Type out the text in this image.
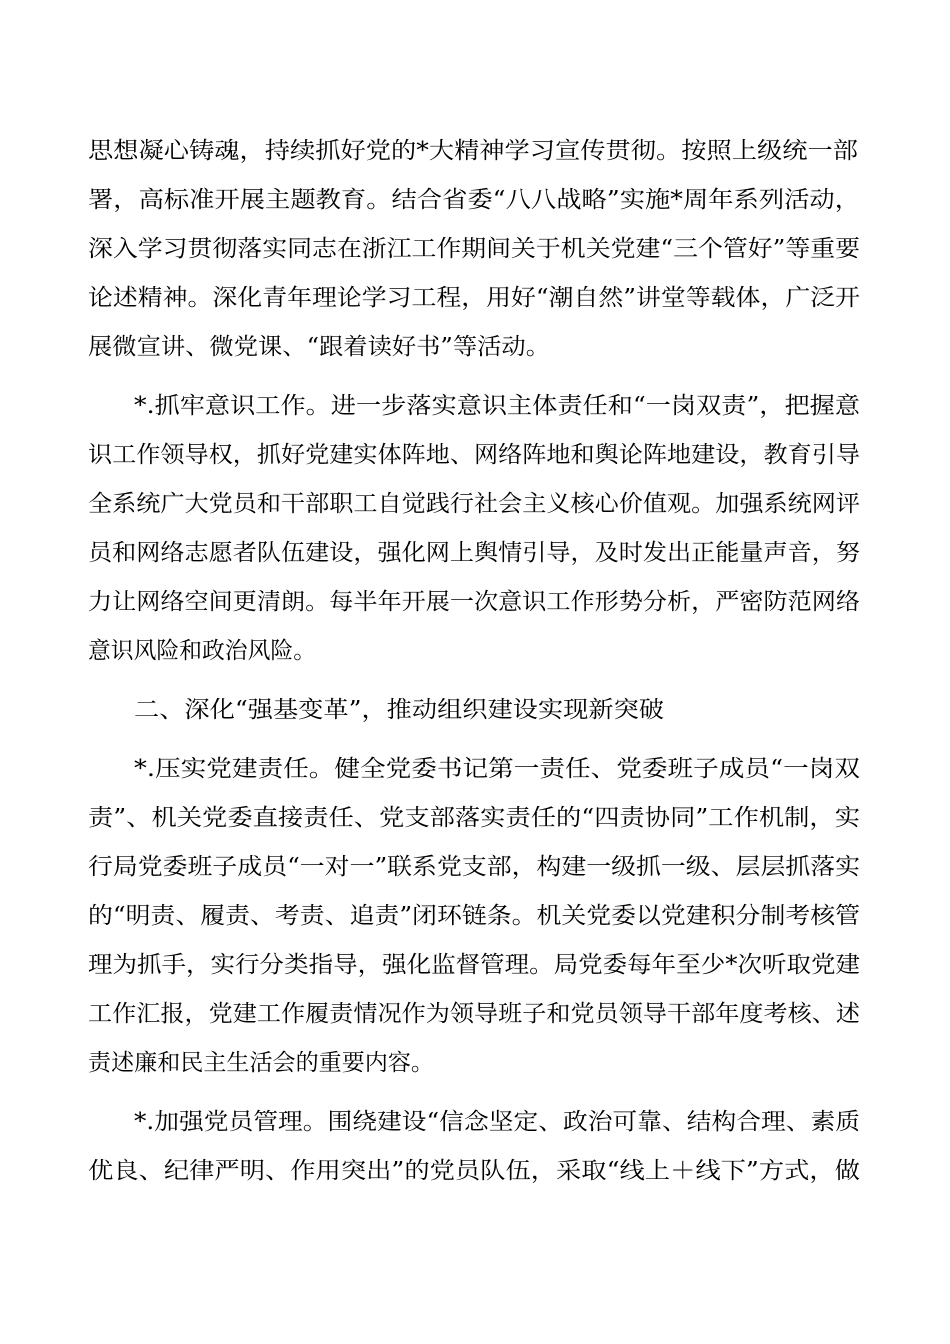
思想凝心铸魂，持续抓好党的*大精神学习宣传贯彻。按照上级统一部
署，高标准开展主题教育。结合省委“八八战略”实施*周年系列活动，
深入学习贯彻落实同志在浙江工作期间关于机关党建“三个管好”等重要
论述精神。深化青年理论学习工程，用好“潮自然”讲堂等载体，广泛开
展微宣讲、微党课、“跟着读好书”等活动。
*.抓牢意识工作。进一步落实意识主体责任和“一岗双责”，把握意
识工作领导权，抓好党建实体阵地、网络阵地和舆论阵地建设，教育引导
全系统广大党员和干部职工自觉践行社会主义核心价值观。加强系统网评
员和网络志愿者队伍建设，强化网上舆情引导，及时发出正能量声音，努
力让网络空间更清朗。每半年开展一次意识工作形势分析，严密防范网络
意识风险和政治风险。
二、深化“强基变革”，推动组织建设实现新突破
*.压实党建责任。健全党委书记第一责任、党委班子成员“一岗双
责”、机关党委直接责任、党支部落实责任的“四责协同”工作机制，实
行局党委班子成员“一对一”联系党支部，构建一级抓一级、层层抓落实
的“明责、履责、考责、追责”闭环链条。机关党委以党建积分制考核管
理为抓手，实行分类指导，强化监督管理。局党委每年至少*次听取党建
工作汇报，党建工作履责情况作为领导班子和党员领导干部年度考核、述
责述廉和民主生活会的重要内容。
*.加强党员管理。围绕建设“信念坚定、政治可靠、结构合理、素质
优良、纪律严明、作用突出”的党员队伍，采取“线上＋线下”方式，做
